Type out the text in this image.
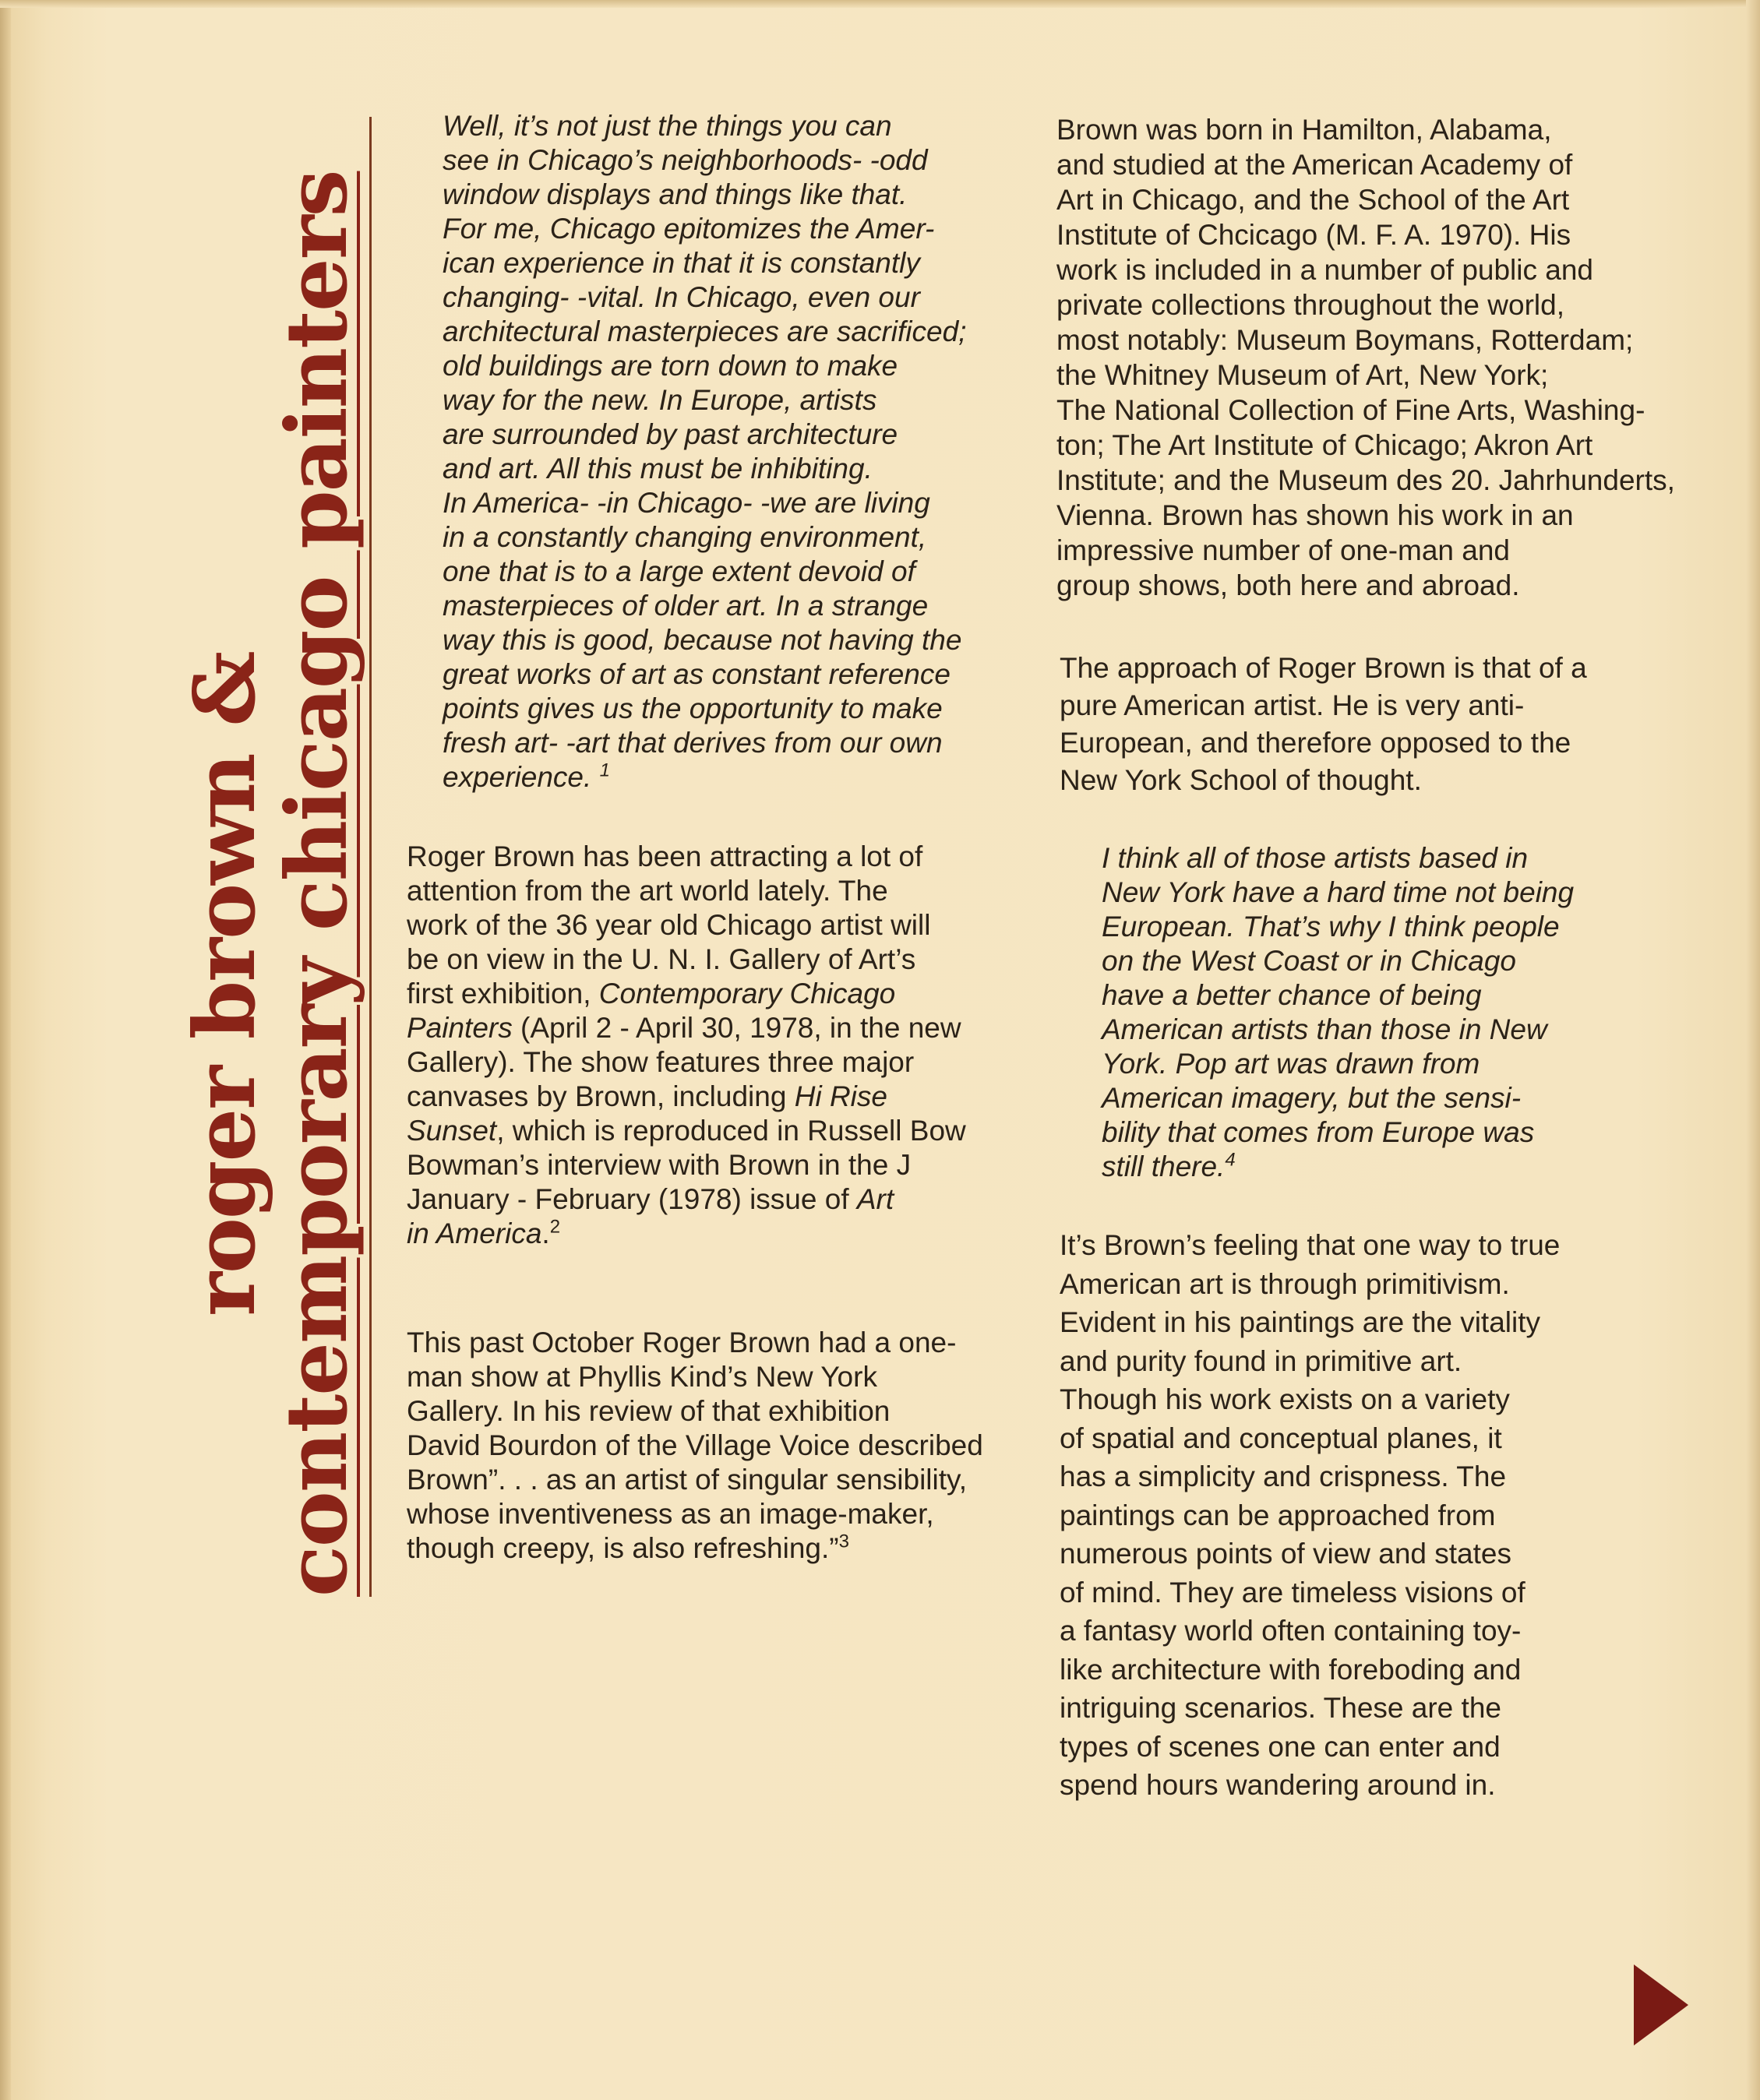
roger brown &
contemporary chicago painters

Well, it’s not just the things you can
see in Chicago’s neighborhoods- -odd
window displays and things like that.
For me, Chicago epitomizes the Amer-
ican experience in that it is constantly
changing- -vital. In Chicago, even our
architectural masterpieces are sacrificed;
old buildings are torn down to make
way for the new. In Europe, artists
are surrounded by past architecture
and art. All this must be inhibiting.
In America- -in Chicago- -we are living
in a constantly changing environment,
one that is to a large extent devoid of
masterpieces of older art. In a strange
way this is good, because not having the
great works of art as constant reference
points gives us the opportunity to make
fresh art- -art that derives from our own
experience. $^1$

Roger Brown has been attracting a lot of
attention from the art world lately. The
work of the 36 year old Chicago artist will
be on view in the U. N. I. Gallery of Art’s
first exhibition, Contemporary Chicago
Painters (April 2 - April 30, 1978, in the new
Gallery). The show features three major
canvases by Brown, including Hi Rise
Sunset, which is reproduced in Russell Bow
Bowman’s interview with Brown in the J
January - February (1978) issue of Art
in America.$^2$

This past October Roger Brown had a one-
man show at Phyllis Kind’s New York
Gallery. In his review of that exhibition
David Bourdon of the Village Voice described
Brown”. . . as an artist of singular sensibility,
whose inventiveness as an image-maker,
though creepy, is also refreshing.”$^3$

Brown was born in Hamilton, Alabama,
and studied at the American Academy of
Art in Chicago, and the School of the Art
Institute of Chcicago (M. F. A. 1970). His
work is included in a number of public and
private collections throughout the world,
most notably: Museum Boymans, Rotterdam;
the Whitney Museum of Art, New York;
The National Collection of Fine Arts, Washing-
ton; The Art Institute of Chicago; Akron Art
Institute; and the Museum des 20. Jahrhunderts,
Vienna. Brown has shown his work in an
impressive number of one-man and
group shows, both here and abroad.

The approach of Roger Brown is that of a
pure American artist. He is very anti-
European, and therefore opposed to the
New York School of thought.

I think all of those artists based in
New York have a hard time not being
European. That’s why I think people
on the West Coast or in Chicago
have a better chance of being
American artists than those in New
York. Pop art was drawn from
American imagery, but the sensi-
bility that comes from Europe was
still there.$^4$

It’s Brown’s feeling that one way to true
American art is through primitivism.
Evident in his paintings are the vitality
and purity found in primitive art.
Though his work exists on a variety
of spatial and conceptual planes, it
has a simplicity and crispness. The
paintings can be approached from
numerous points of view and states
of mind. They are timeless visions of
a fantasy world often containing toy-
like architecture with foreboding and
intriguing scenarios. These are the
types of scenes one can enter and
spend hours wandering around in.
